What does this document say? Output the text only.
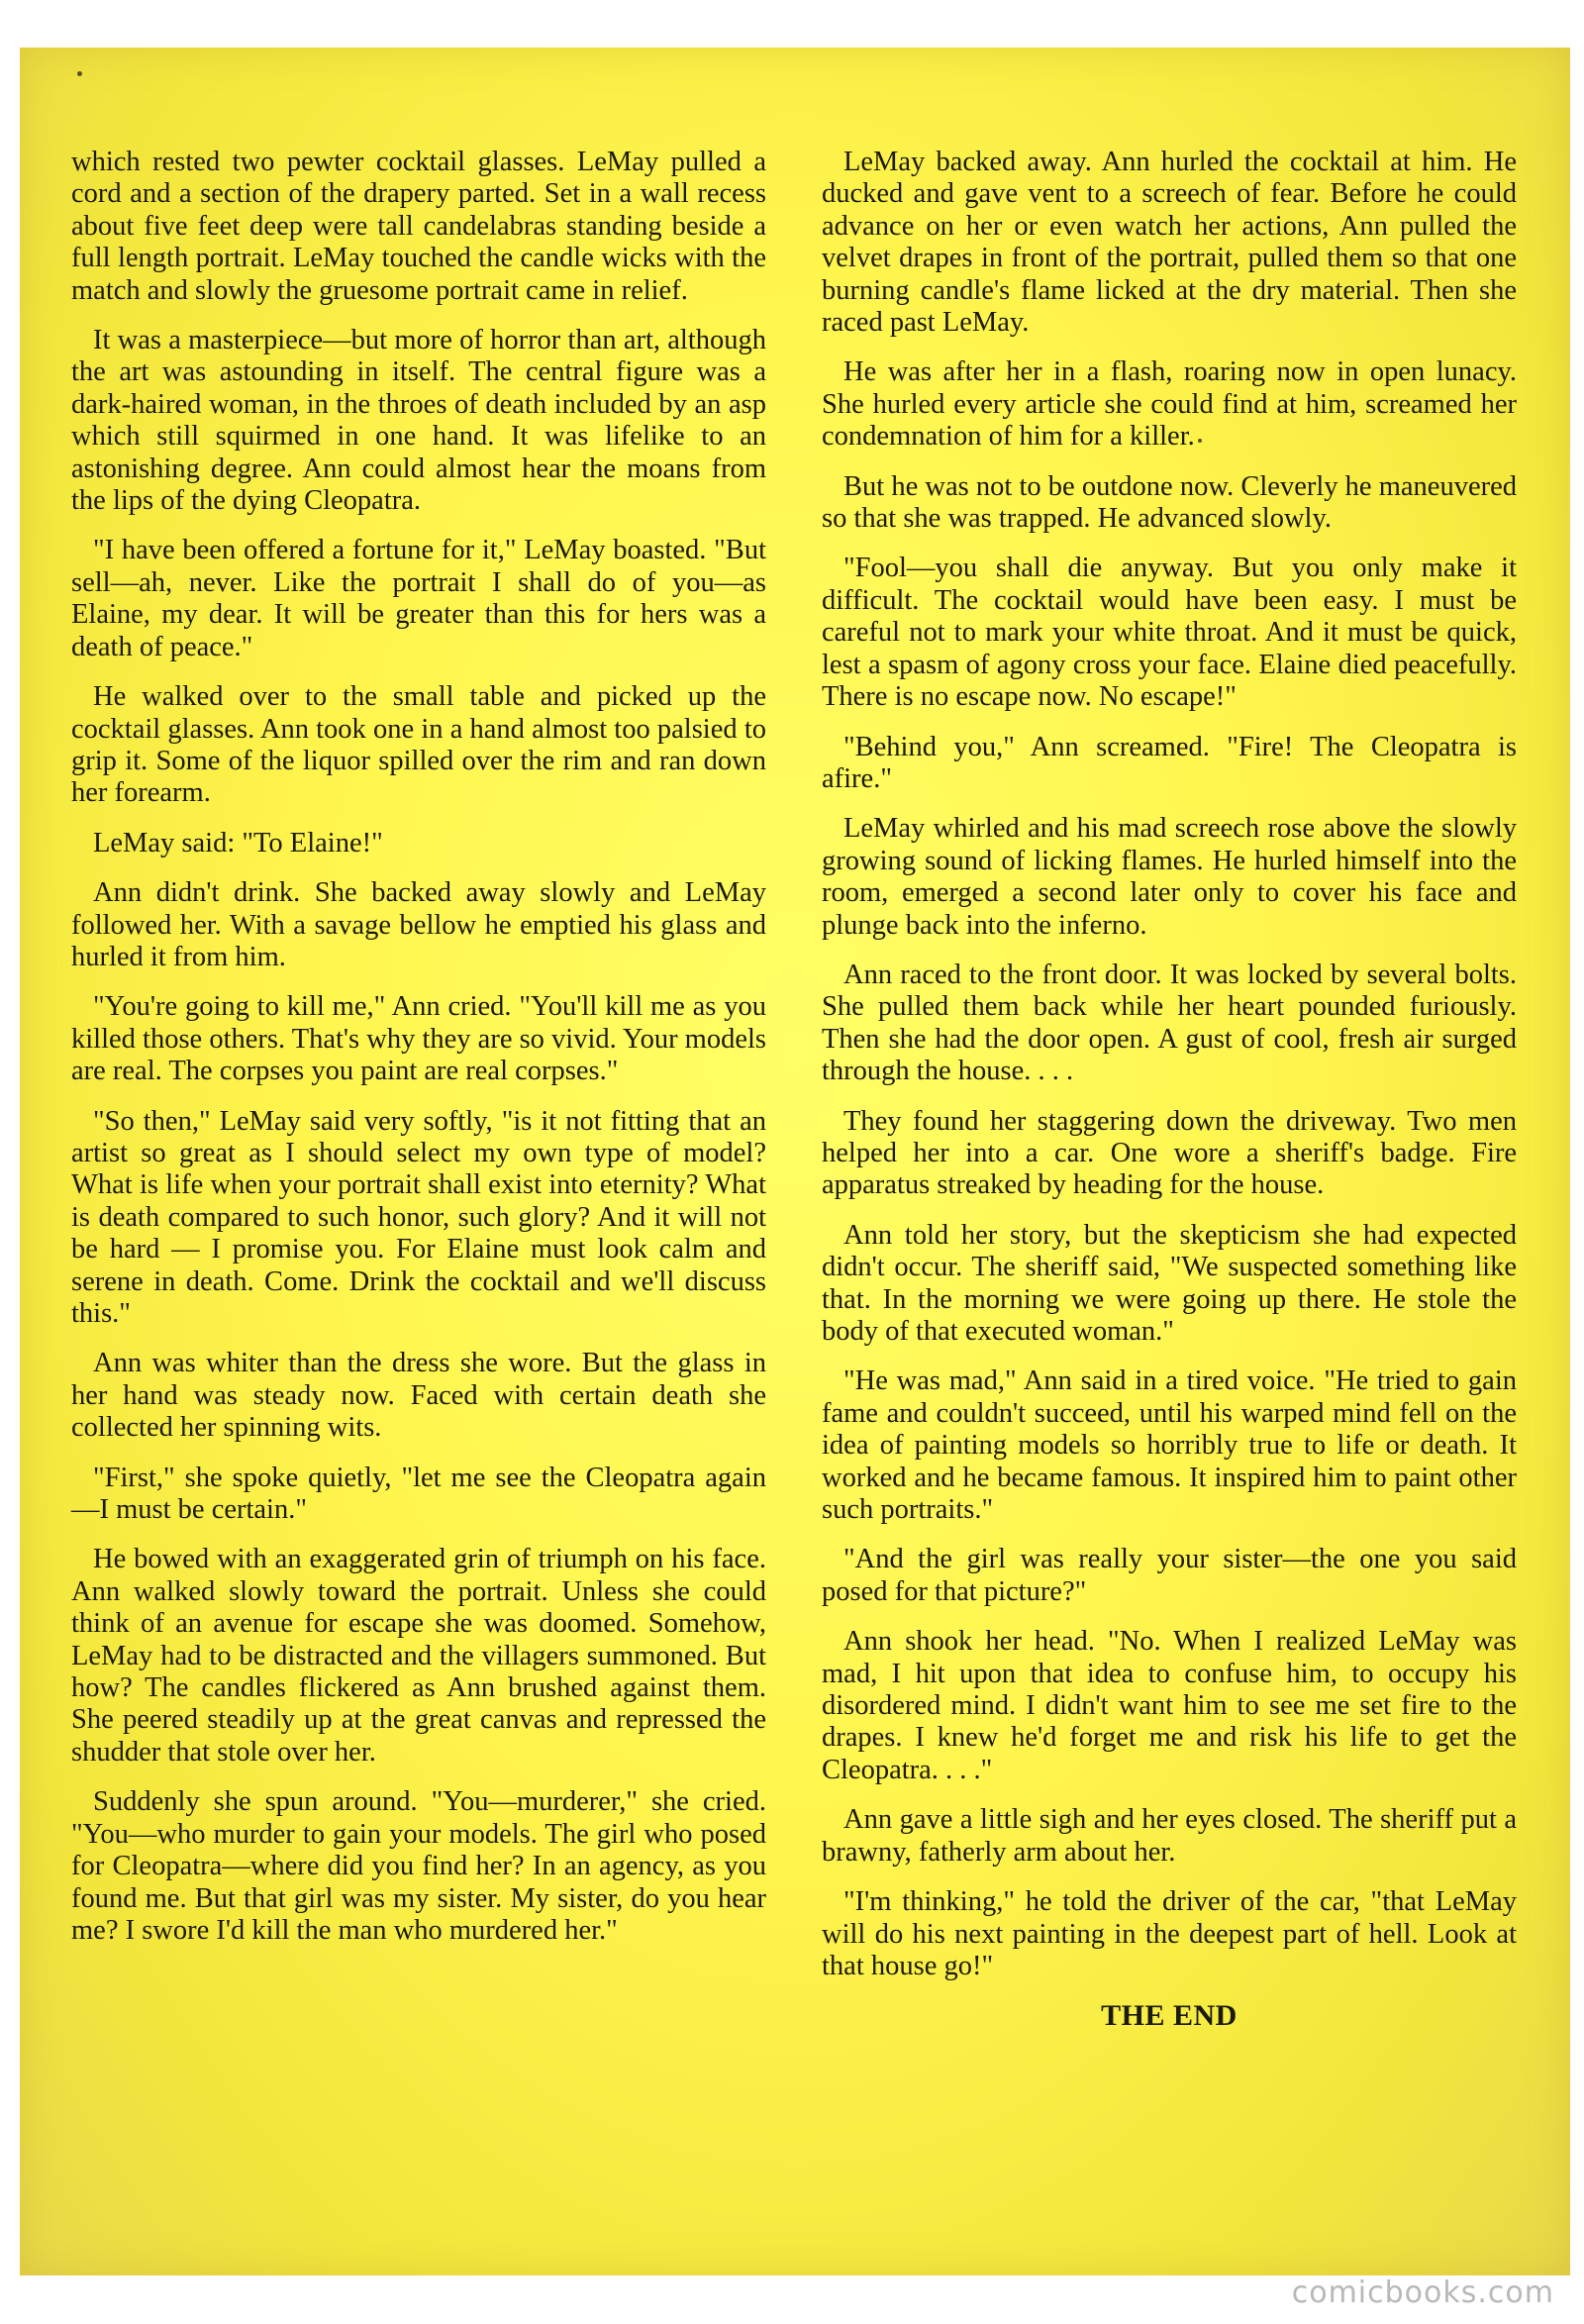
which rested two pewter cocktail glasses. LeMay pulled a cord and a section of the drapery parted. Set in a wall recess about five feet deep were tall candelabras standing beside a full length portrait. LeMay touched the candle wicks with the match and slowly the gruesome portrait came in relief.

It was a masterpiece—but more of horror than art, although the art was astounding in itself. The central figure was a dark-haired woman, in the throes of death included by an asp which still squirmed in one hand. It was lifelike to an astonishing degree. Ann could almost hear the moans from the lips of the dying Cleopatra.

"I have been offered a fortune for it," LeMay boasted. "But sell—ah, never. Like the portrait I shall do of you—as Elaine, my dear. It will be greater than this for hers was a death of peace."

He walked over to the small table and picked up the cocktail glasses. Ann took one in a hand almost too palsied to grip it. Some of the liquor spilled over the rim and ran down her forearm.

LeMay said: "To Elaine!"

Ann didn't drink. She backed away slowly and LeMay followed her. With a savage bellow he emptied his glass and hurled it from him.

"You're going to kill me," Ann cried. "You'll kill me as you killed those others. That's why they are so vivid. Your models are real. The corpses you paint are real corpses."

"So then," LeMay said very softly, "is it not fitting that an artist so great as I should select my own type of model? What is life when your portrait shall exist into eternity? What is death compared to such honor, such glory? And it will not be hard — I promise you. For Elaine must look calm and serene in death. Come. Drink the cocktail and we'll discuss this."

Ann was whiter than the dress she wore. But the glass in her hand was steady now. Faced with certain death she collected her spinning wits.

"First," she spoke quietly, "let me see the Cleopatra again—I must be certain."

He bowed with an exaggerated grin of triumph on his face. Ann walked slowly toward the portrait. Unless she could think of an avenue for escape she was doomed. Somehow, LeMay had to be distracted and the villagers summoned. But how? The candles flickered as Ann brushed against them. She peered steadily up at the great canvas and repressed the shudder that stole over her.

Suddenly she spun around. "You—murderer," she cried. "You—who murder to gain your models. The girl who posed for Cleopatra—where did you find her? In an agency, as you found me. But that girl was my sister. My sister, do you hear me? I swore I'd kill the man who murdered her."

LeMay backed away. Ann hurled the cocktail at him. He ducked and gave vent to a screech of fear. Before he could advance on her or even watch her actions, Ann pulled the velvet drapes in front of the portrait, pulled them so that one burning candle's flame licked at the dry material. Then she raced past LeMay.

He was after her in a flash, roaring now in open lunacy. She hurled every article she could find at him, screamed her condemnation of him for a killer.

But he was not to be outdone now. Cleverly he maneuvered so that she was trapped. He advanced slowly.

"Fool—you shall die anyway. But you only make it difficult. The cocktail would have been easy. I must be careful not to mark your white throat. And it must be quick, lest a spasm of agony cross your face. Elaine died peacefully. There is no escape now. No escape!"

"Behind you," Ann screamed. "Fire! The Cleopatra is afire."

LeMay whirled and his mad screech rose above the slowly growing sound of licking flames. He hurled himself into the room, emerged a second later only to cover his face and plunge back into the inferno.

Ann raced to the front door. It was locked by several bolts. She pulled them back while her heart pounded furiously. Then she had the door open. A gust of cool, fresh air surged through the house. . . .

They found her staggering down the driveway. Two men helped her into a car. One wore a sheriff's badge. Fire apparatus streaked by heading for the house.

Ann told her story, but the skepticism she had expected didn't occur. The sheriff said, "We suspected something like that. In the morning we were going up there. He stole the body of that executed woman."

"He was mad," Ann said in a tired voice. "He tried to gain fame and couldn't succeed, until his warped mind fell on the idea of painting models so horribly true to life or death. It worked and he became famous. It inspired him to paint other such portraits."

"And the girl was really your sister—the one you said posed for that picture?"

Ann shook her head. "No. When I realized LeMay was mad, I hit upon that idea to confuse him, to occupy his disordered mind. I didn't want him to see me set fire to the drapes. I knew he'd forget me and risk his life to get the Cleopatra. . . ."

Ann gave a little sigh and her eyes closed. The sheriff put a brawny, fatherly arm about her.

"I'm thinking," he told the driver of the car, "that LeMay will do his next painting in the deepest part of hell. Look at that house go!"

THE END

comicbooks.com
